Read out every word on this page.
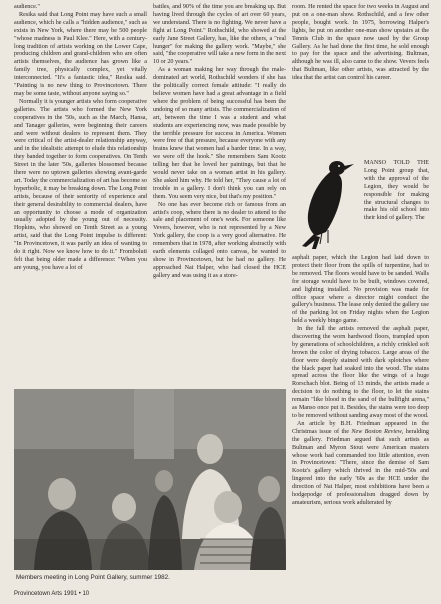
audience."

Resika said that Long Point may have such a small audience, which he calls a "hidden audience," such as exists in New York, where there may be 500 people "whose madness is Paul Klee." Here, with a century-long tradition of artists working on the Lower Cape, producing children and grand-children who are often artists themselves, the audience has grown like a family tree, physically complex, yet vitally interconnected. "It's a fantastic idea," Resika said. "Painting is no new thing to Provincetown. There may be some taste, without anyone saying so."

Normally it is younger artists who form cooperative galleries. The artists who formed the New York cooperatives in the '50s, such as the March, Hansa, and Tanager galleries, were beginning their careers and were without dealers to represent them. They were critical of the artist-dealer relationship anyway, and in the idealistic attempt to elude this relationship they banded together to form cooperatives. On Tenth Street in the later '50s, galleries blossomed because there were no uptown galleries showing avant-garde art. Today the commercialization of art has become so hyperbolic, it may be breaking down. The Long Point artists, because of their seniority of experience and their general desirability to commercial dealers, have an opportunity to choose a mode of organization usually adopted by the young out of necessity. Hopkins, who showed on Tenth Street as a young artist, said that the Long Point impulse is different: "In Provincetown, it was partly an idea of wanting to do it right. Now we know how to do it." Fromboluti felt that being older made a difference: "When you are young, you have a lot of

battles, and 90% of the time you are breaking up. But having lived through the cycles of art over 60 years, we understand. There is no fighting. We never have a fight at Long Point." Rothschild, who showed at the early Jane Street Gallery, has, like the others, a "real hunger" for making the gallery work. "Maybe," she said, "the cooperative will take a new form in the next 10 or 20 years."

As a woman making her way through the male-dominated art world, Rothschild wonders if she has the politically correct female attitude: "I really do believe women have had a great advantage in a field where the problem of being successful has been the undoing of so many artists. The commercialization of art, between the time I was a student and what students are experiencing now, was made possible by the terrible pressure for success in America. Women were free of that pressure, because everyone with any brains knew that women had a harder time. In a way, we were off the hook." She remembers Sam Kootz telling her that he loved her paintings, but that he would never take on a woman artist in his gallery. She asked him why. He told her, "They cause a lot of trouble in a gallery. I don't think you can rely on them. You seem very nice, but that's my position."

No one has ever become rich or famous from an artist's coop, where there is no dealer to attend to the sale and placement of one's work. For someone like Vevers, however, who is not represented by a New York gallery, the coop is a very good alternative. He remembers that in 1978, after working abstractly with earth elements collaged onto canvas, he wanted to show in Provincetown, but he had no gallery. He approached Nat Halper, who had closed the HCE gallery and was using it as a store-

room. He rented the space for two weeks in August and put on a one-man show. Rothschild, and a few other people, bought work. In 1975, borrowing Halper's lights, he put on another one-man show upstairs at the Tennis Club in the space now used by the Group Gallery. As he had done the first time, he sold enough to pay for the space and the advertising. Bultman, although he was ill, also came to the show. Vevers feels that Bultman, like other artists, was attracted by the idea that the artist can control his career.

MANSO TOLD THE Long Point group that, with the approval of the Legion, they would be responsible for making the structural changes to make his old school into their kind of gallery. The
asphalt paper, which the Legion had laid down to protect their floor from the spills of turpentine, had to be removed. The floors would have to be sanded. Walls for storage would have to be built, windows covered, and lighting installed. No provision was made for office space where a director might conduct the gallery's business. The lease only denied the gallery use of the parking lot on Friday nights when the Legion held a weekly bingo game.

In the fall the artists removed the asphalt paper, discovering the worn hardwood floors, trampled upon by generations of schoolchildren, a richly crinkled soft brown the color of drying tobacco. Large areas of the floor were deeply stained with dark splotches where the black paper had soaked into the wood. The stains spread across the floor like the wings of a huge Rorschach blot. Being of 13 minds, the artists made a decision to do nothing to the floor, to let the stains remain "like blood in the sand of the bullfight arena," as Manso once put it. Besides, the stains were too deep to be removed without sanding away most of the wood.

An article by B.H. Friedman appeared in the Christmas issue of the New Boston Review, heralding the gallery. Friedman argued that such artists as Bultman and Myron Stout were American masters whose work had commanded too little attention, even in Provincetown: "There, since the demise of Sam Kootz's gallery which thrived in the mid-'50s and lingered into the early '60s as the HCE under the direction of Nat Halper, most exhibitions have been a hodgepodge of professionalism dragged down by amateurism, serious work adulterated by

Members meeting in Long Point Gallery, summer 1982.
Provincetown Arts 1991 • 10
